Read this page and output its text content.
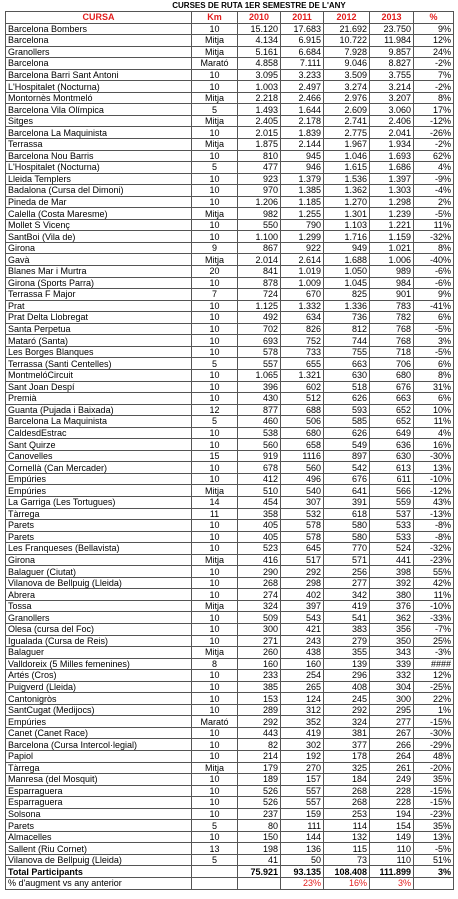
CURSES DE RUTA 1ER SEMESTRE DE L'ANY
CURSA	Km	2010	2011	2012	2013	%
Barcelona Bombers	10	15.120	17.683	21.692	23.750	9%
Barcelona	Mitja	4.134	6.915	10.722	11.984	12%
Granollers	Mitja	5.161	6.684	7.928	9.857	24%
Barcelona	Marató	4.858	7.111	9.046	8.827	-2%
Barcelona Barri Sant Antoni	10	3.095	3.233	3.509	3.755	7%
L'Hospitalet (Nocturna)	10	1.003	2.497	3.274	3.214	-2%
Montornès Montmeló	Mitja	2.218	2.466	2.976	3.207	8%
Barcelona Vila Olímpica	5	1.493	1.644	2.609	3.060	17%
Sitges	Mitja	2.405	2.178	2.741	2.406	-12%
Barcelona La Maquinista	10	2.015	1.839	2.775	2.041	-26%
Terrassa	Mitja	1.875	2.144	1.967	1.934	-2%
Barcelona Nou Barris	10	810	945	1.046	1.693	62%
L'Hospitalet (Nocturna)	5	477	946	1.615	1.686	4%
Lleida Templers	10	923	1.379	1.536	1.397	-9%
Badalona (Cursa del Dimoni)	10	970	1.385	1.362	1.303	-4%
Pineda de Mar	10	1.206	1.185	1.270	1.298	2%
Calella (Costa Maresme)	Mitja	982	1.255	1.301	1.239	-5%
Mollet S Vicenç	10	550	790	1.103	1.221	11%
SantBoi (Vila de)	10	1.100	1.299	1.716	1.159	-32%
Girona	9	867	922	949	1.021	8%
Gavà	Mitja	2.014	2.614	1.688	1.006	-40%
Blanes Mar i Murtra	20	841	1.019	1.050	989	-6%
Girona (Sports Parra)	10	878	1.009	1.045	984	-6%
Terrassa F Major	7	724	670	825	901	9%
Prat	10	1.125	1.332	1.336	783	-41%
Prat Delta Llobregat	10	492	634	736	782	6%
Santa Perpetua	10	702	826	812	768	-5%
Mataró (Santa)	10	693	752	744	768	3%
Les Borges Blanques	10	578	733	755	718	-5%
Terrassa (Santi Centelles)	5	557	655	663	706	6%
MontmelóCircuit	10	1.065	1.321	630	680	8%
Sant Joan Despí	10	396	602	518	676	31%
Premià	10	430	512	626	663	6%
Guanta (Pujada i Baixada)	12	877	688	593	652	10%
Barcelona La Maquinista	5	460	506	585	652	11%
CaldesdEstrac	10	538	680	626	649	4%
Sant Quirze	10	560	658	549	636	16%
Canovelles	15	919	1116	897	630	-30%
Cornellà (Can Mercader)	10	678	560	542	613	13%
Empúries	10	412	496	676	611	-10%
Empúries	Mitja	510	540	641	566	-12%
La Garriga (Les Tortugues)	14	454	307	391	559	43%
Tàrrega	11	358	532	618	537	-13%
Parets	10	405	578	580	533	-8%
Parets	10	405	578	580	533	-8%
Les Franqueses (Bellavista)	10	523	645	770	524	-32%
Girona	Mitja	416	517	571	441	-23%
Balaguer (Ciutat)	10	290	292	256	398	55%
Vilanova de Bellpuig (Lleida)	10	268	298	277	392	42%
Abrera	10	274	402	342	380	11%
Tossa	Mitja	324	397	419	376	-10%
Granollers	10	509	543	541	362	-33%
Olesa (cursa del Foc)	10	300	421	383	356	-7%
Igualada (Cursa de Reis)	10	271	243	279	350	25%
Balaguer	Mitja	260	438	355	343	-3%
Valldoreix (5 Milles femenines)	8	160	160	139	339	####
Artés (Cros)	10	233	254	296	332	12%
Puigverd (Lleida)	10	385	265	408	304	-25%
Cantonigròs	10	153	124	245	300	22%
SantCugat (Medijocs)	10	289	312	292	295	1%
Empúries	Marató	292	352	324	277	-15%
Canet (Canet Race)	10	443	419	381	267	-30%
Barcelona (Cursa Intercol·legial)	10	82	302	377	266	-29%
Papiol	10	214	192	178	264	48%
Tàrrega	Mitja	179	270	325	261	-20%
Manresa (del Mosquit)	10	189	157	184	249	35%
Esparraguera	10	526	557	268	228	-15%
Esparraguera	10	526	557	268	228	-15%
Solsona	10	237	159	253	194	-23%
Parets	5	80	111	114	154	35%
Almacelles	10	150	144	132	149	13%
Sallent (Riu Cornet)	13	198	136	115	110	-5%
Vilanova de Bellpuig (Lleida)	5	41	50	73	110	51%
Total Participants		75.921	93.135	108.408	111.899	3%
% d'augment vs any anterior			23%	16%	3%	
